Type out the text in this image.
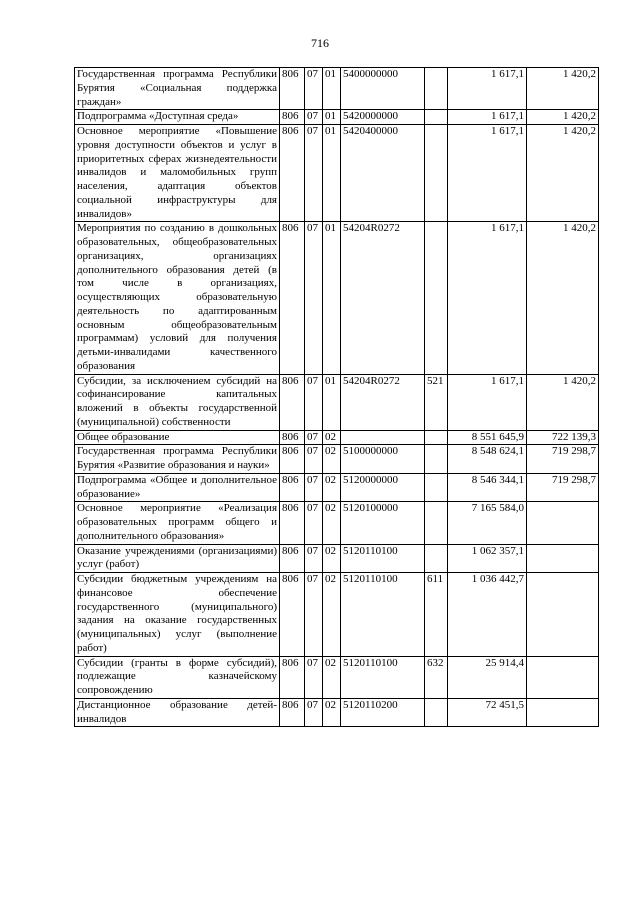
716
Государственная программа Республики Бурятия «Социальная поддержка граждан»	806	07	01	5400000000		1 617,1	1 420,2
Подпрограмма «Доступная среда»	806	07	01	5420000000		1 617,1	1 420,2
Основное мероприятие «Повышение уровня доступности объектов и услуг в приоритетных сферах жизнедеятельности инвалидов и маломобильных групп населения, адаптация объектов социальной инфраструктуры для инвалидов»	806	07	01	5420400000		1 617,1	1 420,2
Мероприятия по созданию в дошкольных образовательных, общеобразовательных организациях, организациях дополнительного образования детей (в том числе в организациях, осуществляющих образовательную деятельность по адаптированным основным общеобразовательным программам) условий для получения детьми-инвалидами качественного образования	806	07	01	54204R0272		1 617,1	1 420,2
Субсидии, за исключением субсидий на софинансирование капитальных вложений в объекты государственной (муниципальной) собственности	806	07	01	54204R0272	521	1 617,1	1 420,2
Общее образование	806	07	02			8 551 645,9	722 139,3
Государственная программа Республики Бурятия «Развитие образования и науки»	806	07	02	5100000000		8 548 624,1	719 298,7
Подпрограмма «Общее и дополнительное образование»	806	07	02	5120000000		8 546 344,1	719 298,7
Основное мероприятие «Реализация образовательных программ общего и дополнительного образования»	806	07	02	5120100000		7 165 584,0	
Оказание учреждениями (организациями) услуг (работ)	806	07	02	5120110100		1 062 357,1	
Субсидии бюджетным учреждениям на финансовое обеспечение государственного (муниципального) задания на оказание государственных (муниципальных) услуг (выполнение работ)	806	07	02	5120110100	611	1 036 442,7	
Субсидии (гранты в форме субсидий), подлежащие казначейскому сопровождению	806	07	02	5120110100	632	25 914,4	
Дистанционное образование детей-инвалидов	806	07	02	5120110200		72 451,5	
